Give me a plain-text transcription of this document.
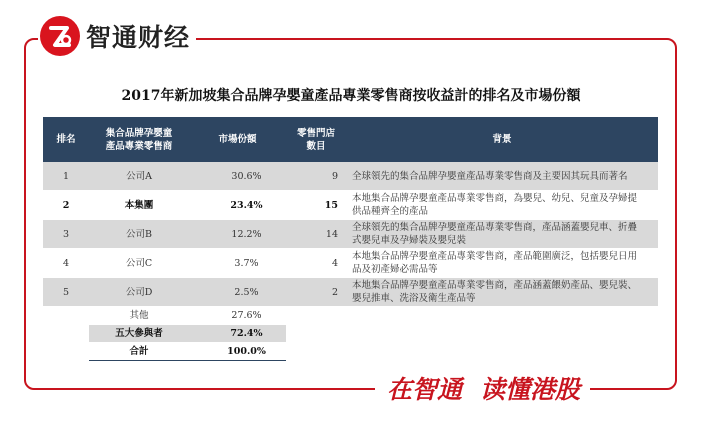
智通财经
2017年新加坡集合品牌孕嬰童產品專業零售商按收益計的排名及市場份額
排名	集合品牌孕嬰童產品專業零售商	市場份額	零售門店數目	背景
1	公司A	30.6%	9	全球領先的集合品牌孕嬰童產品專業零售商及主要因其玩具而著名
2	本集團	23.4%	15	本地集合品牌孕嬰童產品專業零售商，為嬰兒、幼兒、兒童及孕婦提供品種齊全的產品
3	公司B	12.2%	14	全球領先的集合品牌孕嬰童產品專業零售商，產品涵蓋嬰兒車、折疊式嬰兒車及孕婦裝及嬰兒裝
4	公司C	3.7%	4	本地集合品牌孕嬰童產品專業零售商，產品範圍廣泛，包括嬰兒日用品及初產婦必需品等
5	公司D	2.5%	2	本地集合品牌孕嬰童產品專業零售商，產品涵蓋餵奶產品、嬰兒裝、嬰兒推車、洗浴及衛生產品等
	其他	27.6%		
	五大參與者	72.4%		
	合計	100.0%		
在智通 读懂港股
